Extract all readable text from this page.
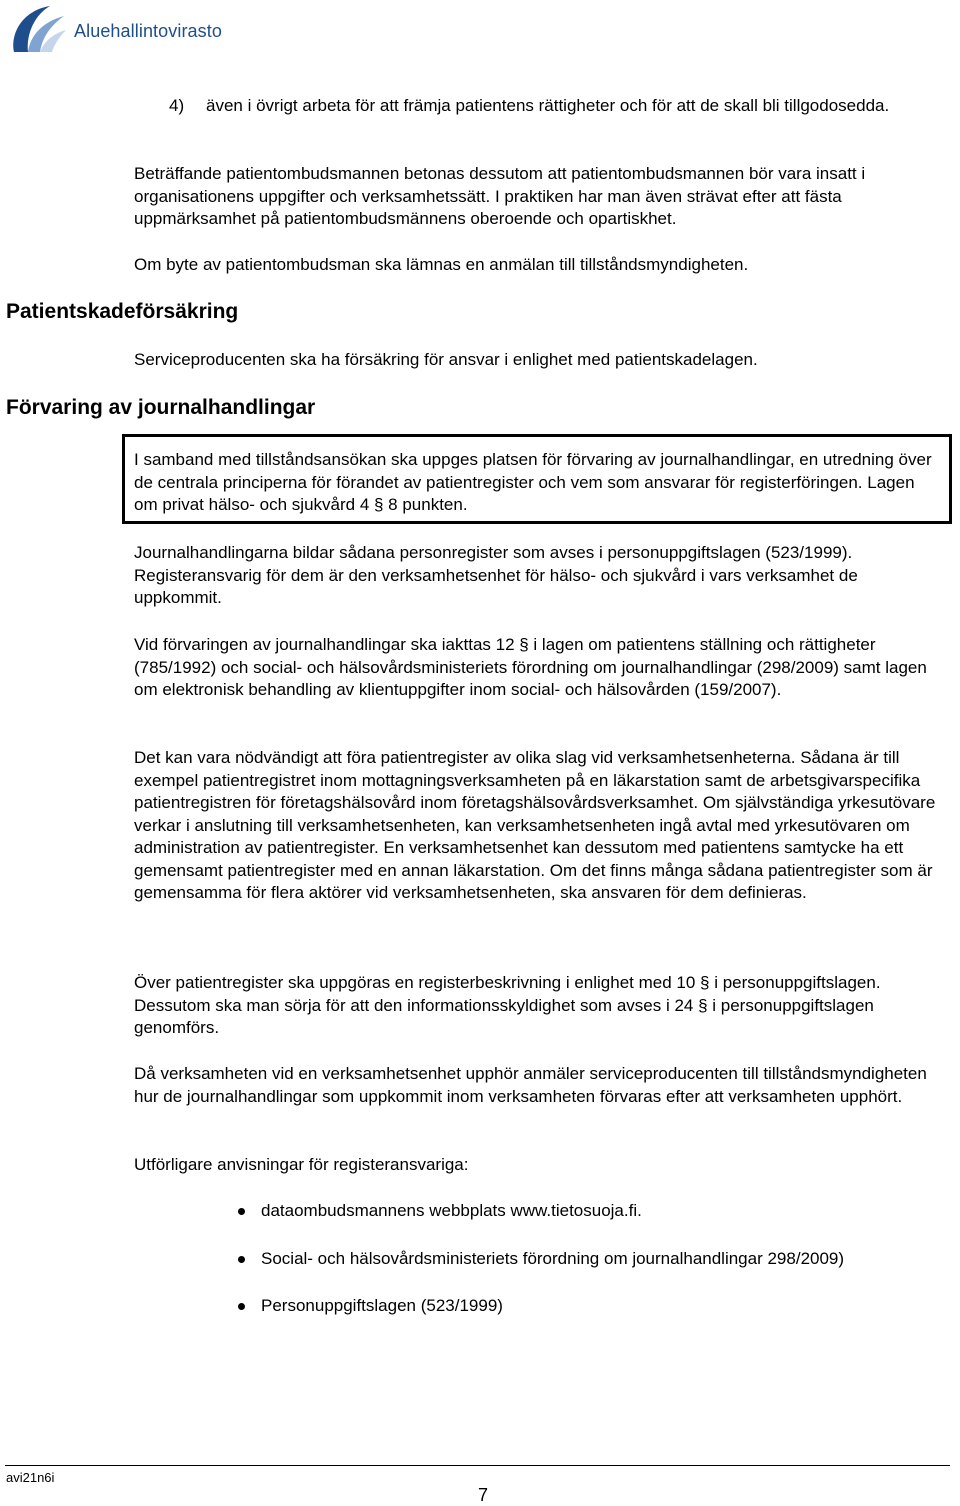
Aluehallintovirasto

4) även i övrigt arbeta för att främja patientens rättigheter och för att de skall bli tillgodosedda.

Beträffande patientombudsmannen betonas dessutom att patientombudsmannen bör vara insatt i organisationens uppgifter och verksamhetssätt. I praktiken har man även strävat efter att fästa uppmärksamhet på patientombudsmännens oberoende och opartiskhet.

Om byte av patientombudsman ska lämnas en anmälan till tillståndsmyndigheten.

Patientskadeförsäkring

Serviceproducenten ska ha försäkring för ansvar i enlighet med patientskadelagen.

Förvaring av journalhandlingar

I samband med tillståndsansökan ska uppges platsen för förvaring av journalhandlingar, en utredning över de centrala principerna för förandet av patientregister och vem som ansvarar för registerföringen. Lagen om privat hälso- och sjukvård 4 § 8 punkten.

Journalhandlingarna bildar sådana personregister som avses i personuppgiftslagen (523/1999). Registeransvarig för dem är den verksamhetsenhet för hälso- och sjukvård i vars verksamhet de uppkommit.

Vid förvaringen av journalhandlingar ska iakttas 12 § i lagen om patientens ställning och rättigheter (785/1992) och social- och hälsovårdsministeriets förordning om journalhandlingar (298/2009) samt lagen om elektronisk behandling av klientuppgifter inom social- och hälsovården (159/2007).

Det kan vara nödvändigt att föra patientregister av olika slag vid verksamhetsenheterna. Sådana är till exempel patientregistret inom mottagningsverksamheten på en läkarstation samt de arbetsgivarspecifika patientregistren för företagshälsovård inom företagshälsovårdsverksamhet. Om självständiga yrkesutövare verkar i anslutning till verksamhetsenheten, kan verksamhetsenheten ingå avtal med yrkesutövaren om administration av patientregister. En verksamhetsenhet kan dessutom med patientens samtycke ha ett gemensamt patientregister med en annan läkarstation. Om det finns många sådana patientregister som är gemensamma för flera aktörer vid verksamhetsenheten, ska ansvaren för dem definieras.

Över patientregister ska uppgöras en registerbeskrivning i enlighet med 10 § i personuppgiftslagen. Dessutom ska man sörja för att den informationsskyldighet som avses i 24 § i personuppgiftslagen genomförs.

Då verksamheten vid en verksamhetsenhet upphör anmäler serviceproducenten till tillståndsmyndigheten hur de journalhandlingar som uppkommit inom verksamheten förvaras efter att verksamheten upphört.

Utförligare anvisningar för registeransvariga:

dataombudsmannens webbplats www.tietosuoja.fi.

Social- och hälsovårdsministeriets förordning om journalhandlingar 298/2009)

Personuppgiftslagen (523/1999)

avi21n6i
7
